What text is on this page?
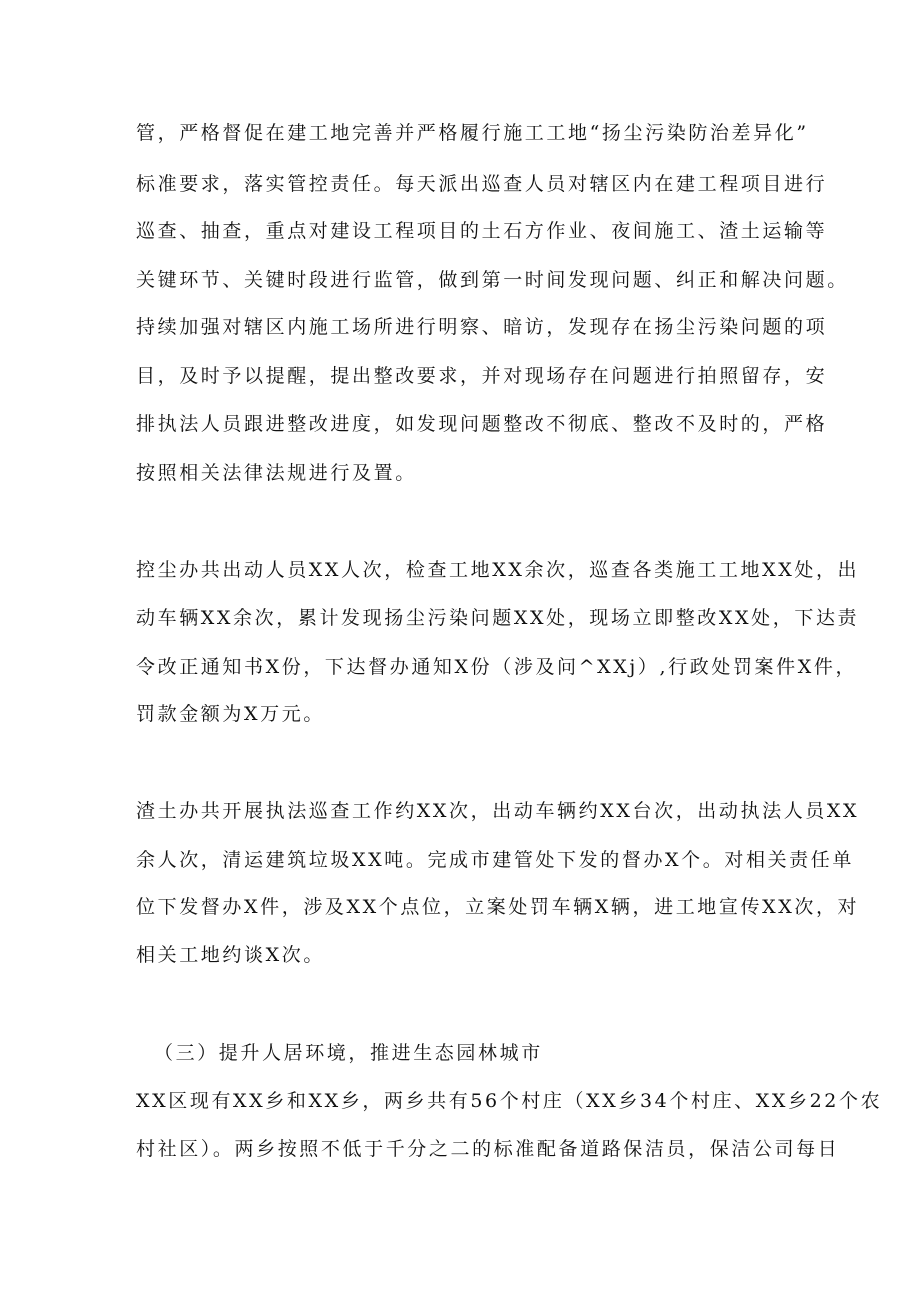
管，严格督促在建工地完善并严格履行施工工地“扬尘污染防治差异化”
标准要求，落实管控责任。每天派出巡查人员对辖区内在建工程项目进行
巡查、抽查，重点对建设工程项目的土石方作业、夜间施工、渣土运输等
关键环节、关键时段进行监管，做到第一时间发现问题、纠正和解决问题。
持续加强对辖区内施工场所进行明察、暗访，发现存在扬尘污染问题的项
目，及时予以提醒，提出整改要求，并对现场存在问题进行拍照留存，安
排执法人员跟进整改进度，如发现问题整改不彻底、整改不及时的，严格
按照相关法律法规进行及置。
控尘办共出动人员XX人次，检查工地XX余次，巡查各类施工工地XX处，出
动车辆XX余次，累计发现扬尘污染问题XX处，现场立即整改XX处，下达责
令改正通知书X份，下达督办通知X份（涉及问^XXj）,行政处罚案件X件，
罚款金额为X万元。
渣土办共开展执法巡查工作约XX次，出动车辆约XX台次，出动执法人员XX
余人次，清运建筑垃圾XX吨。完成市建管处下发的督办X个。对相关责任单
位下发督办X件，涉及XX个点位，立案处罚车辆X辆，进工地宣传XX次，对
相关工地约谈X次。
（三）提升人居环境，推进生态园林城市
XX区现有XX乡和XX乡，两乡共有56个村庄（XX乡34个村庄、XX乡22个农
村社区）。两乡按照不低于千分之二的标准配备道路保洁员，保洁公司每日
